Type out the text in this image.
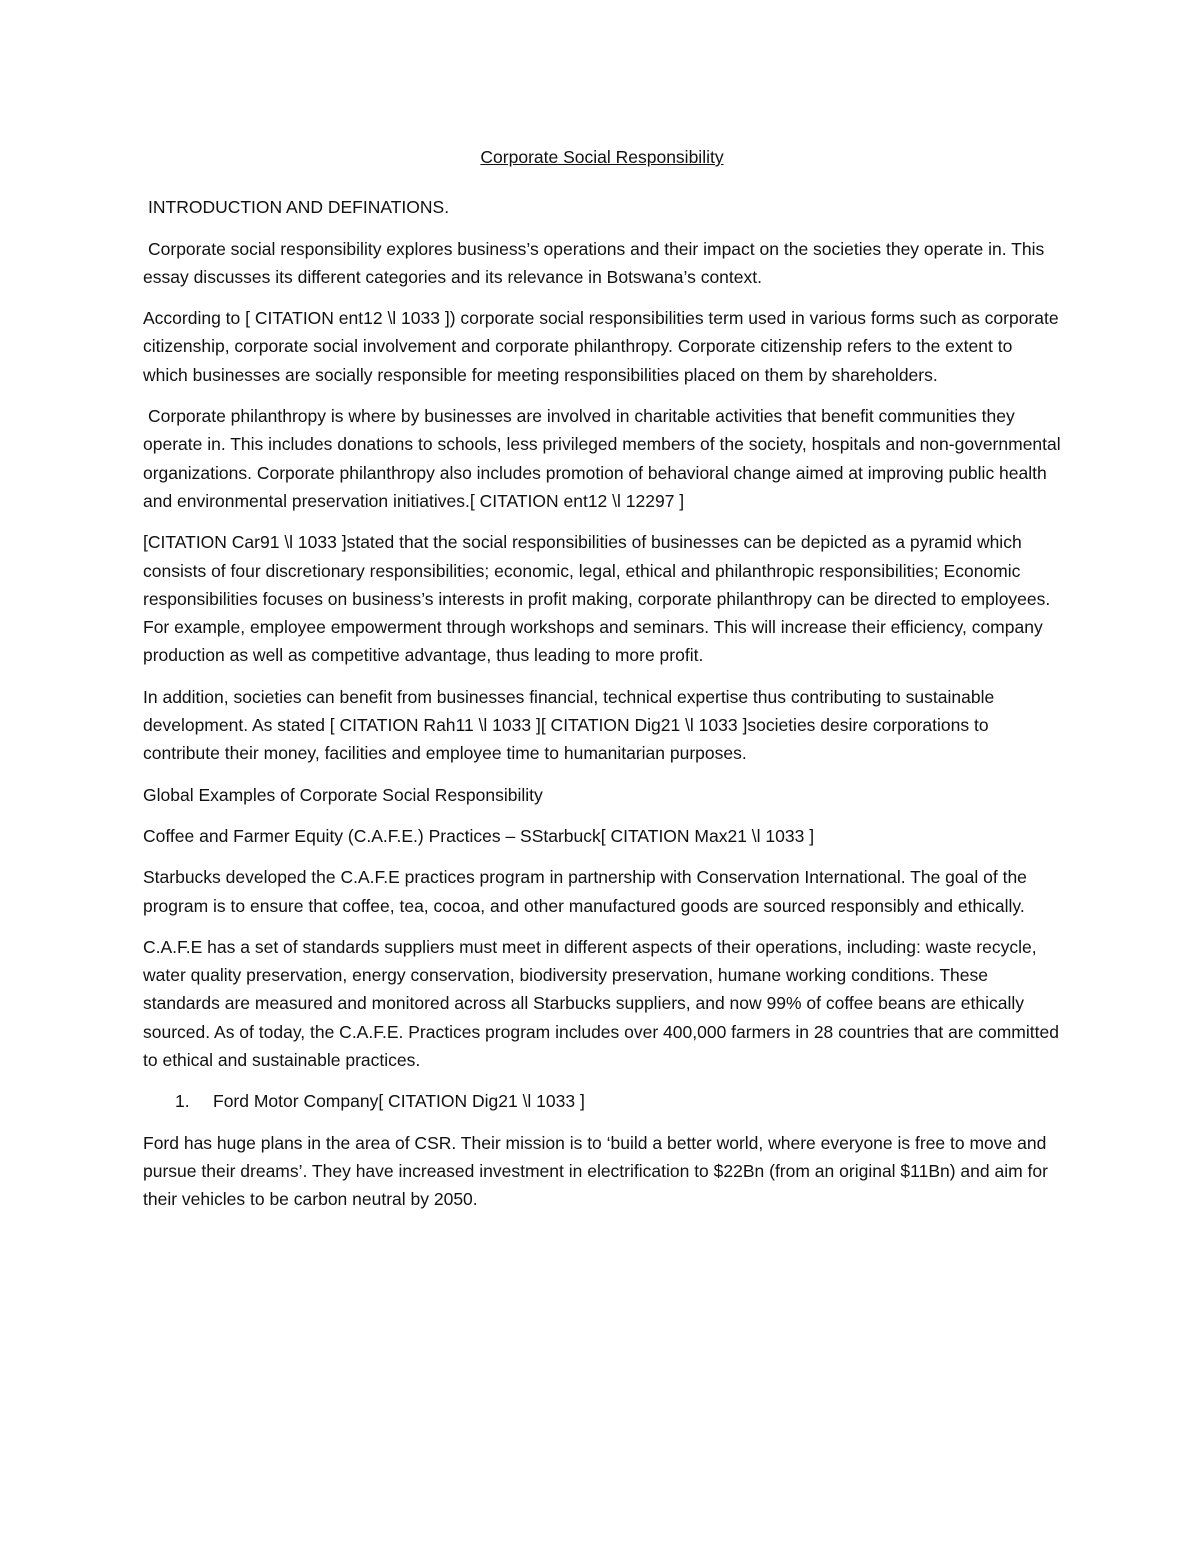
Corporate Social Responsibility
INTRODUCTION AND DEFINATIONS.

Corporate social responsibility explores business’s operations and their impact on the societies they operate in. This essay discusses its different categories and its relevance in Botswana’s context.

According to [ CITATION ent12 \l 1033 ]) corporate social responsibilities term used in various forms such as corporate citizenship, corporate social involvement and corporate philanthropy. Corporate citizenship refers to the extent to which businesses are socially responsible for meeting responsibilities placed on them by shareholders.

Corporate philanthropy is where by businesses are involved in charitable activities that benefit communities they operate in. This includes donations to schools, less privileged members of the society, hospitals and non-governmental organizations. Corporate philanthropy also includes promotion of behavioral change aimed at improving public health and environmental preservation initiatives.[ CITATION ent12 \l 12297 ]

[CITATION Car91 \l 1033 ]stated that the social responsibilities of businesses can be depicted as a pyramid which consists of four discretionary responsibilities; economic, legal, ethical and philanthropic responsibilities; Economic responsibilities focuses on business’s interests in profit making, corporate philanthropy can be directed to employees. For example, employee empowerment through workshops and seminars. This will increase their efficiency, company production as well as competitive advantage, thus leading to more profit.

In addition, societies can benefit from businesses financial, technical expertise thus contributing to sustainable development. As stated [ CITATION Rah11 \l 1033 ][ CITATION Dig21 \l 1033 ]societies desire corporations to contribute their money, facilities and employee time to humanitarian purposes.

Global Examples of Corporate Social Responsibility

Coffee and Farmer Equity (C.A.F.E.) Practices – SStarbuck[ CITATION Max21 \l 1033 ]

Starbucks developed the C.A.F.E practices program in partnership with Conservation International. The goal of the program is to ensure that coffee, tea, cocoa, and other manufactured goods are sourced responsibly and ethically.

C.A.F.E has a set of standards suppliers must meet in different aspects of their operations, including: waste recycle, water quality preservation, energy conservation, biodiversity preservation, humane working conditions. These standards are measured and monitored across all Starbucks suppliers, and now 99% of coffee beans are ethically sourced. As of today, the C.A.F.E. Practices program includes over 400,000 farmers in 28 countries that are committed to ethical and sustainable practices.

1.	Ford Motor Company[ CITATION Dig21 \l 1033 ]

Ford has huge plans in the area of CSR. Their mission is to ‘build a better world, where everyone is free to move and pursue their dreams’. They have increased investment in electrification to $22Bn (from an original $11Bn) and aim for their vehicles to be carbon neutral by 2050.
